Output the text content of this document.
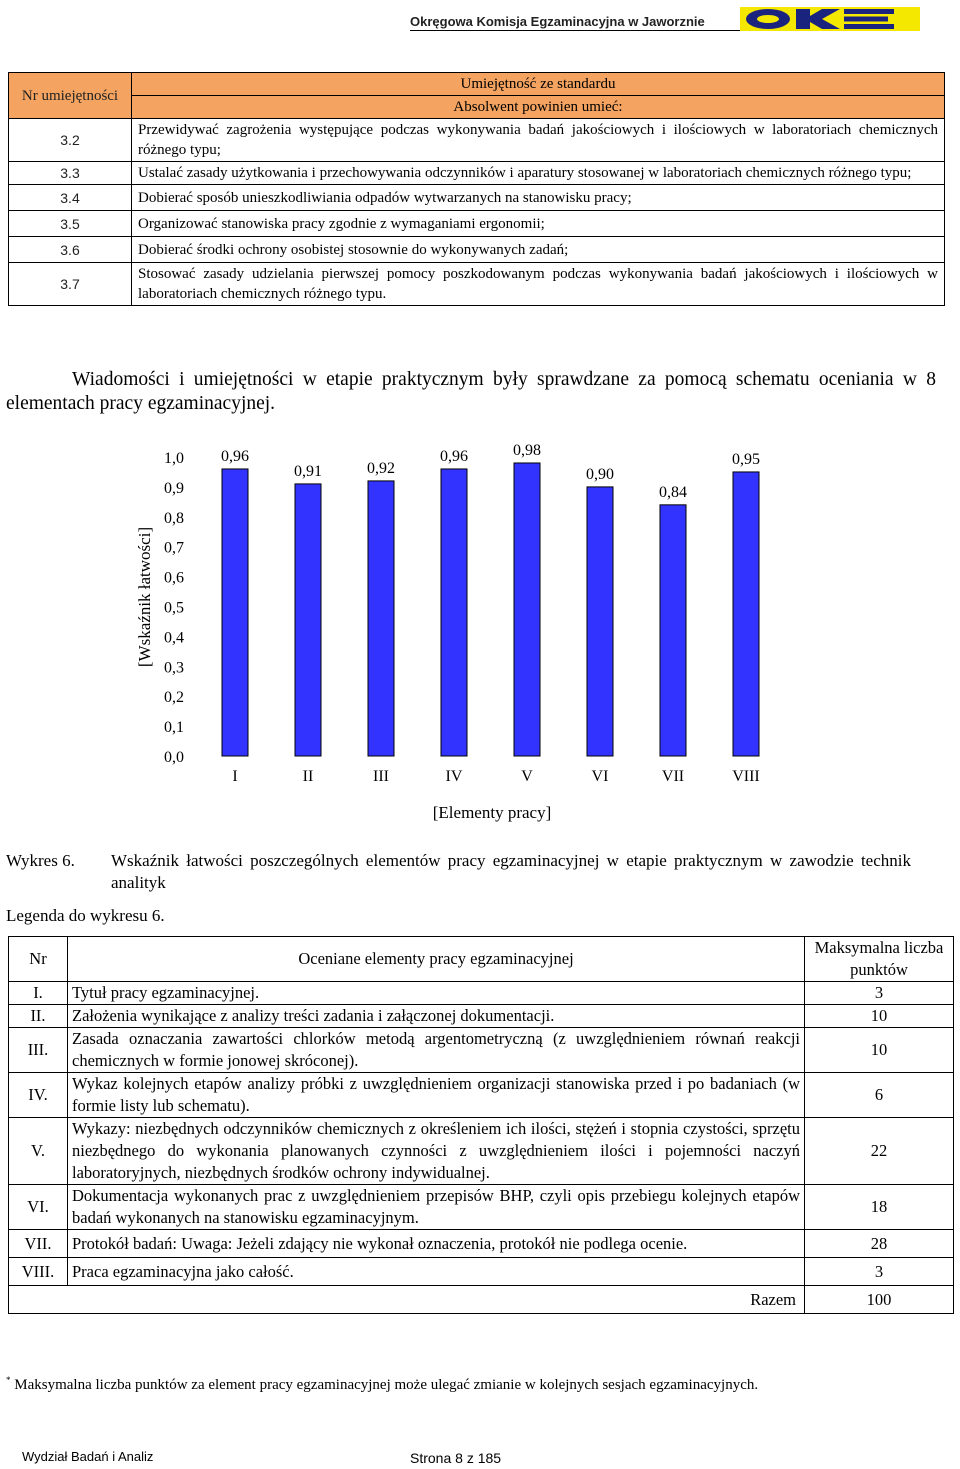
Okręgowa Komisja Egzaminacyjna w Jaworznie
Nr umiejętności	Umiejętność ze standardu
	Absolwent powinien umieć:
3.2	Przewidywać zagrożenia występujące podczas wykonywania badań jakościowych i ilościowych w laboratoriach chemicznych różnego typu;
3.3	Ustalać zasady użytkowania i przechowywania odczynników i aparatury stosowanej w laboratoriach chemicznych różnego typu;
3.4	Dobierać sposób unieszkodliwiania odpadów wytwarzanych na stanowisku pracy;
3.5	Organizować stanowiska pracy zgodnie z wymaganiami ergonomii;
3.6	Dobierać środki ochrony osobistej stosownie do wykonywanych zadań;
3.7	Stosować zasady udzielania pierwszej pomocy poszkodowanym podczas wykonywania badań jakościowych i ilościowych w laboratoriach chemicznych różnego typu.
Wiadomości i umiejętności w etapie praktycznym były sprawdzane za pomocą schematu oceniania w 8 elementach pracy egzaminacyjnej.
[Wskaźnik łatwości]
[Elementy pracy]
0,0
0,1
0,2
0,3
0,4
0,5
0,6
0,7
0,8
0,9
1,0 0,96
I
0,91
II
0,92
III
0,96
IV
0,98
V
0,90
VI
0,84
VII
0,95
VIII
Wykres 6. Wskaźnik łatwości poszczególnych elementów pracy egzaminacyjnej w etapie praktycznym w zawodzie technik analityk
Legenda do wykresu 6.
Nr	Oceniane elementy pracy egzaminacyjnej	Maksymalna liczba punktów
I.	Tytuł pracy egzaminacyjnej.	3
II.	Założenia wynikające z analizy treści zadania i załączonej dokumentacji.	10
III.	Zasada oznaczania zawartości chlorków metodą argentometryczną (z uwzględnieniem równań reakcji chemicznych w formie jonowej skróconej).	10
IV.	Wykaz kolejnych etapów analizy próbki z uwzględnieniem organizacji stanowiska przed i po badaniach (w formie listy lub schematu).	6
V.	Wykazy: niezbędnych odczynników chemicznych z określeniem ich ilości, stężeń i stopnia czystości, sprzętu niezbędnego do wykonania planowanych czynności z uwzględnieniem ilości i pojemności naczyń laboratoryjnych, niezbędnych środków ochrony indywidualnej.	22
VI.	Dokumentacja wykonanych prac z uwzględnieniem przepisów BHP, czyli opis przebiegu kolejnych etapów badań wykonanych na stanowisku egzaminacyjnym.	18
VII.	Protokół badań: Uwaga: Jeżeli zdający nie wykonał oznaczenia, protokół nie podlega ocenie.	28
VIII.	Praca egzaminacyjna jako całość.	3
Razem		100
* Maksymalna liczba punktów za element pracy egzaminacyjnej może ulegać zmianie w kolejnych sesjach egzaminacyjnych.
Wydział Badań i Analiz	Strona 8 z 185
